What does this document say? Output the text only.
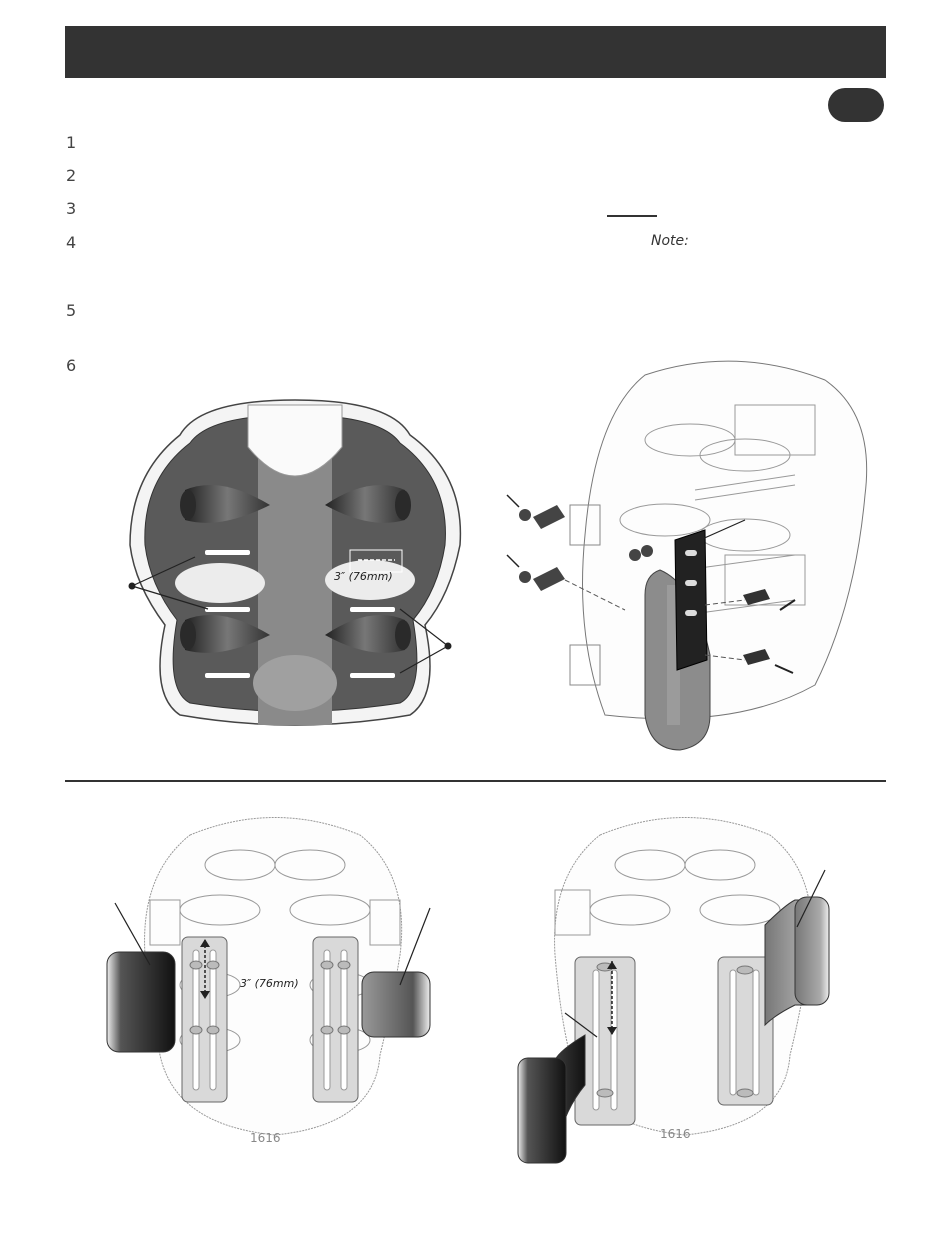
1
2
3
4
5
6
Note:
3″ (76mm)
3″ (76mm)
1616	1616
